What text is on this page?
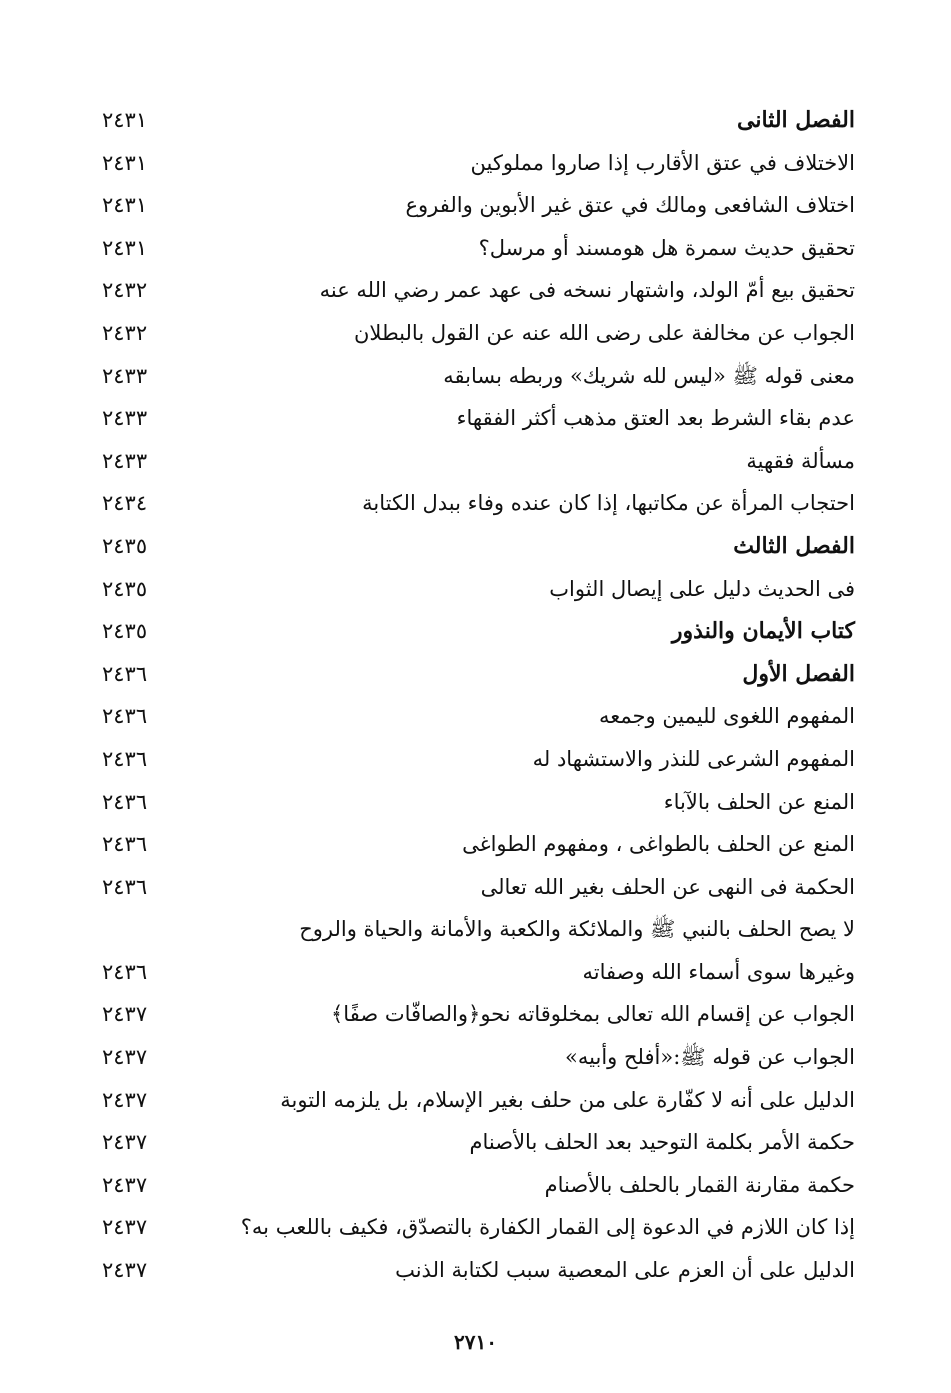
الفصل الثانى
٢٤٣١
الاختلاف في عتق الأقارب إذا صاروا مملوكين
٢٤٣١
اختلاف الشافعى ومالك في عتق غير الأبوين والفروع
٢٤٣١
تحقيق حديث سمرة هل هومسند أو مرسل؟
٢٤٣١
تحقيق بيع أمّ الولد، واشتهار نسخه فى عهد عمر رضي الله عنه
٢٤٣٢
الجواب عن مخالفة على رضى الله عنه عن القول بالبطلان
٢٤٣٢
معنى قوله ﷺ «ليس لله شريك» وربطه بسابقه
٢٤٣٣
عدم بقاء الشرط بعد العتق مذهب أكثر الفقهاء
٢٤٣٣
مسألة فقهية
٢٤٣٣
احتجاب المرأة عن مكاتبها، إذا كان عنده وفاء ببدل الكتابة
٢٤٣٤
الفصل الثالث
٢٤٣٥
فى الحديث دليل على إيصال الثواب
٢٤٣٥
كتاب الأيمان والنذور
٢٤٣٥
الفصل الأول
٢٤٣٦
المفهوم اللغوى لليمين وجمعه
٢٤٣٦
المفهوم الشرعى للنذر والاستشهاد له
٢٤٣٦
المنع عن الحلف بالآباء
٢٤٣٦
المنع عن الحلف بالطواغى ، ومفهوم الطواغى
٢٤٣٦
الحكمة فى النهى عن الحلف بغير الله تعالى
٢٤٣٦
لا يصح الحلف بالنبي ﷺ والملائكة والكعبة والأمانة والحياة والروح
وغيرها سوى أسماء الله وصفاته
٢٤٣٦
الجواب عن إقسام الله تعالى بمخلوقاته نحو﴿والصافّات صفًا﴾
٢٤٣٧
الجواب عن قوله ﷺ:«أفلح وأبيه»
٢٤٣٧
الدليل على أنه لا كفّارة على من حلف بغير الإسلام، بل يلزمه التوبة
٢٤٣٧
حكمة الأمر بكلمة التوحيد بعد الحلف بالأصنام
٢٤٣٧
حكمة مقارنة القمار بالحلف بالأصنام
٢٤٣٧
إذا كان اللازم في الدعوة إلى القمار الكفارة بالتصدّق، فكيف باللعب به؟
٢٤٣٧
الدليل على أن العزم على المعصية سبب لكتابة الذنب
٢٤٣٧
٢٧١٠
